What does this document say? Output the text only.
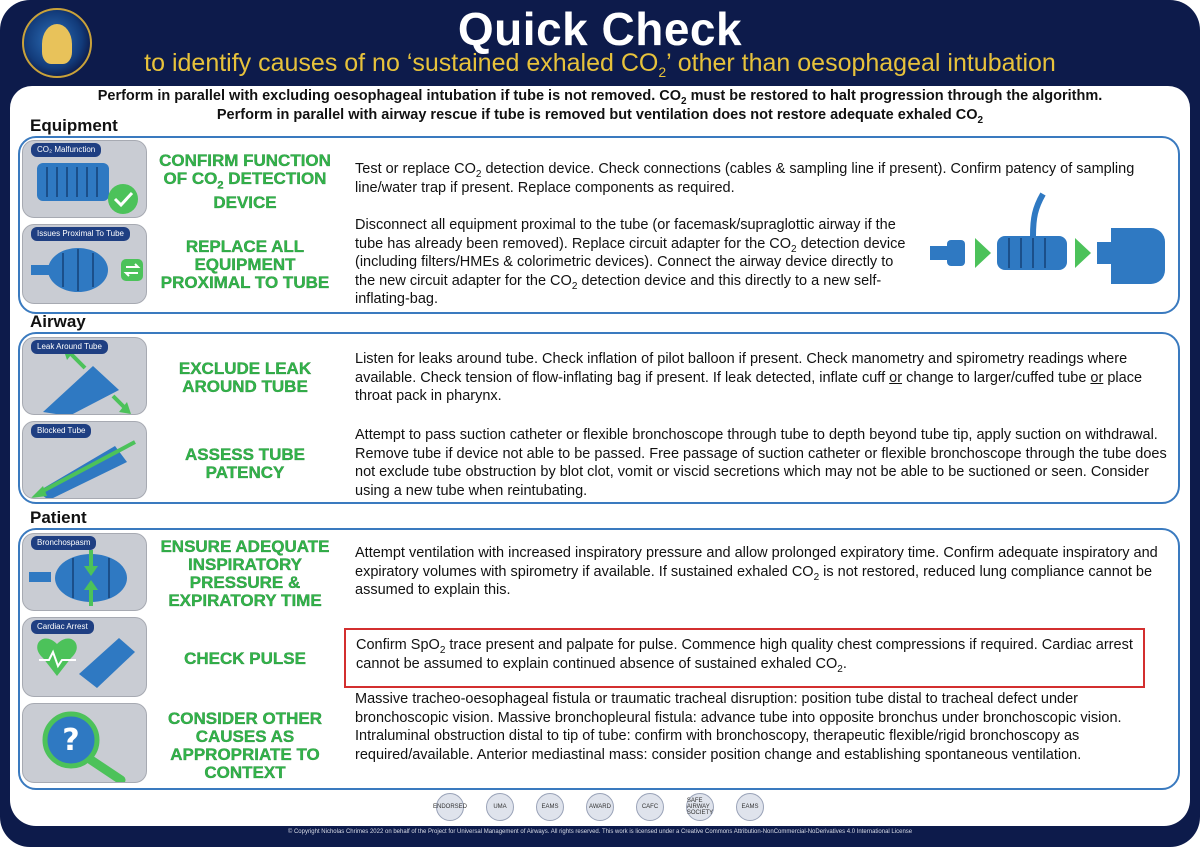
Quick Check
to identify causes of no ‘sustained exhaled $CO_2$’ other than oesophageal intubation
Perform in parallel with excluding oesophageal intubation if tube is not removed. $CO_2$ must be restored to halt progression through the algorithm.
Perform in parallel with airway rescue if tube is removed but ventilation does not restore adequate exhaled $CO_2$
Equipment
CO₂ Malfunction
CONFIRM FUNCTION OF $CO_2$ DETECTION DEVICE
Test or replace $CO_2$ detection device. Check connections (cables & sampling line if present). Confirm patency of sampling line/water trap if present. Replace components as required.
Issues Proximal To Tube
REPLACE ALL EQUIPMENT PROXIMAL TO TUBE
Disconnect all equipment proximal to the tube (or facemask/supraglottic airway if the tube has already been removed). Replace circuit adapter for the $CO_2$ detection device (including filters/HMEs & colorimetric devices). Connect the airway device directly to the new circuit adapter for the $CO_2$ detection device and this directly to a new self-inflating-bag.
Airway
Leak Around Tube
EXCLUDE LEAK AROUND TUBE
Listen for leaks around tube. Check inflation of pilot balloon if present. Check manometry and spirometry readings where available. Check tension of flow-inflating bag if present. If leak detected, inflate cuff or change to larger/cuffed tube or place throat pack in pharynx.
Blocked Tube
ASSESS TUBE PATENCY
Attempt to pass suction catheter or flexible bronchoscope through tube to depth beyond tube tip, apply suction on withdrawal. Remove tube if device not able to be passed. Free passage of suction catheter or flexible bronchoscope through the tube does not exclude tube obstruction by blot clot, vomit or viscid secretions which may not be able to be suctioned or seen. Consider using a new tube when reintubating.
Patient
Bronchospasm	ENSURE ADEQUATE INSPIRATORY PRESSURE & EXPIRATORY TIME
Attempt ventilation with increased inspiratory pressure and allow prolonged expiratory time. Confirm adequate inspiratory and expiratory volumes with spirometry if available. If sustained exhaled $CO_2$ is not restored, reduced lung compliance cannot be assumed to explain this.
Cardiac Arrest
CHECK PULSE
Confirm SpO$_2$ trace present and palpate for pulse. Commence high quality chest compressions if required. Cardiac arrest cannot be assumed to explain continued absence of sustained exhaled $CO_2$.
?
CONSIDER OTHER CAUSES AS APPROPRIATE TO CONTEXT
Massive tracheo-oesophageal fistula or traumatic tracheal disruption: position tube distal to tracheal defect under bronchoscopic vision. Massive bronchopleural fistula: advance tube into opposite bronchus under bronchoscopic vision. Intraluminal obstruction distal to tip of tube: confirm with bronchoscopy, therapeutic flexible/rigid bronchoscopy as required/available. Anterior mediastinal mass: consider position change and establishing spontaneous ventilation.
ENDORSED	UMA	EAMS	AWARD	CAFC
SAFE AIRWAY SOCIETY
EAMS
© Copyright Nicholas Chrimes 2022 on behalf of the Project for Universal Management of Airways. All rights reserved. This work is licensed under a Creative Commons Attribution-NonCommercial-NoDerivatives 4.0 International License
